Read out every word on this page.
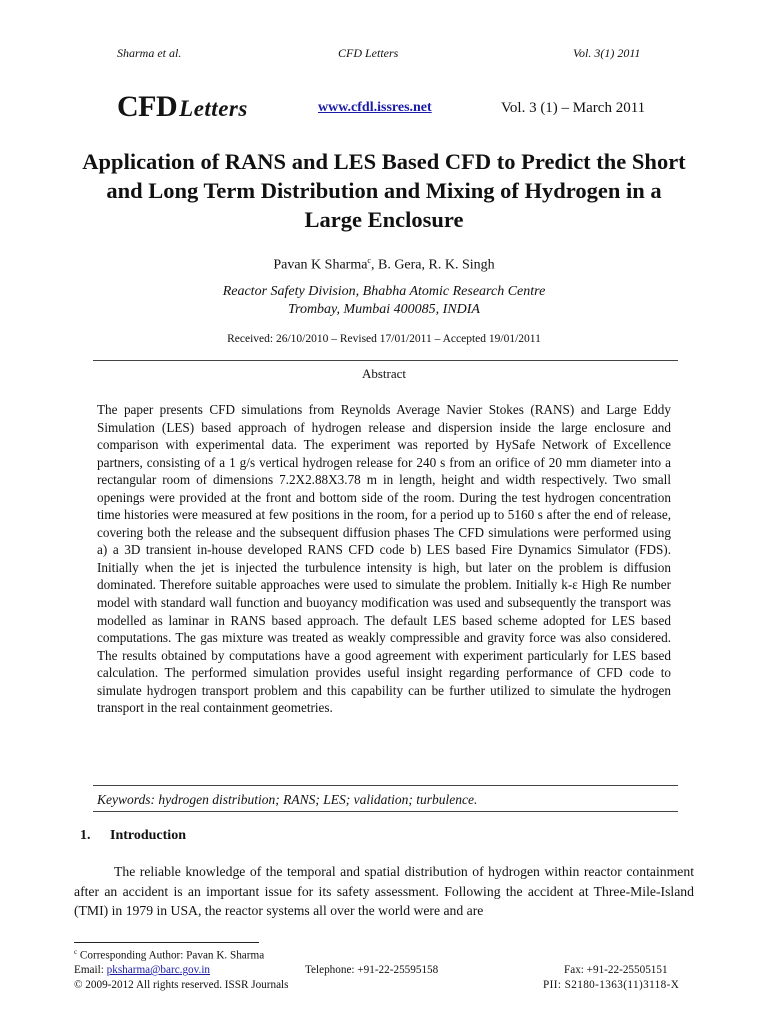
Sharma et al.	CFD Letters	Vol. 3(1) 2011
CFDLetters	www.cfdl.issres.net	Vol. 3 (1) – March 2011
Application of RANS and LES Based CFD to Predict the Short and Long Term Distribution and Mixing of Hydrogen in a Large Enclosure
Pavan K Sharma$^c$, B. Gera, R. K. Singh
Reactor Safety Division, Bhabha Atomic Research Centre
Trombay, Mumbai 400085, INDIA
Received: 26/10/2010 – Revised 17/01/2011 – Accepted 19/01/2011
Abstract
The paper presents CFD simulations from Reynolds Average Navier Stokes (RANS) and Large Eddy Simulation (LES) based approach of hydrogen release and dispersion inside the large enclosure and comparison with experimental data. The experiment was reported by HySafe Network of Excellence partners, consisting of a 1 g/s vertical hydrogen release for 240 s from an orifice of 20 mm diameter into a rectangular room of dimensions 7.2X2.88X3.78 m in length, height and width respectively. Two small openings were provided at the front and bottom side of the room. During the test hydrogen concentration time histories were measured at few positions in the room, for a period up to 5160 s after the end of release, covering both the release and the subsequent diffusion phases The CFD simulations were performed using a) a 3D transient in-house developed RANS CFD code b) LES based Fire Dynamics Simulator (FDS). Initially when the jet is injected the turbulence intensity is high, but later on the problem is diffusion dominated. Therefore suitable approaches were used to simulate the problem. Initially k-ε High Re number model with standard wall function and buoyancy modification was used and subsequently the transport was modelled as laminar in RANS based approach. The default LES based scheme adopted for LES based computations. The gas mixture was treated as weakly compressible and gravity force was also considered. The results obtained by computations have a good agreement with experiment particularly for LES based calculation. The performed simulation provides useful insight regarding performance of CFD code to simulate hydrogen transport problem and this capability can be further utilized to simulate the hydrogen transport in the real containment geometries.
Keywords: hydrogen distribution; RANS; LES; validation; turbulence.
1. Introduction
The reliable knowledge of the temporal and spatial distribution of hydrogen within reactor containment after an accident is an important issue for its safety assessment. Following the accident at Three-Mile-Island (TMI) in 1979 in USA, the reactor systems all over the world were and are
$^c$ Corresponding Author: Pavan K. Sharma
Email: pksharma@barc.gov.in	Telephone: +91-22-25595158	Fax: +91-22-25505151
© 2009-2012 All rights reserved. ISSR Journals	PII: S2180-1363(11)3118-X
